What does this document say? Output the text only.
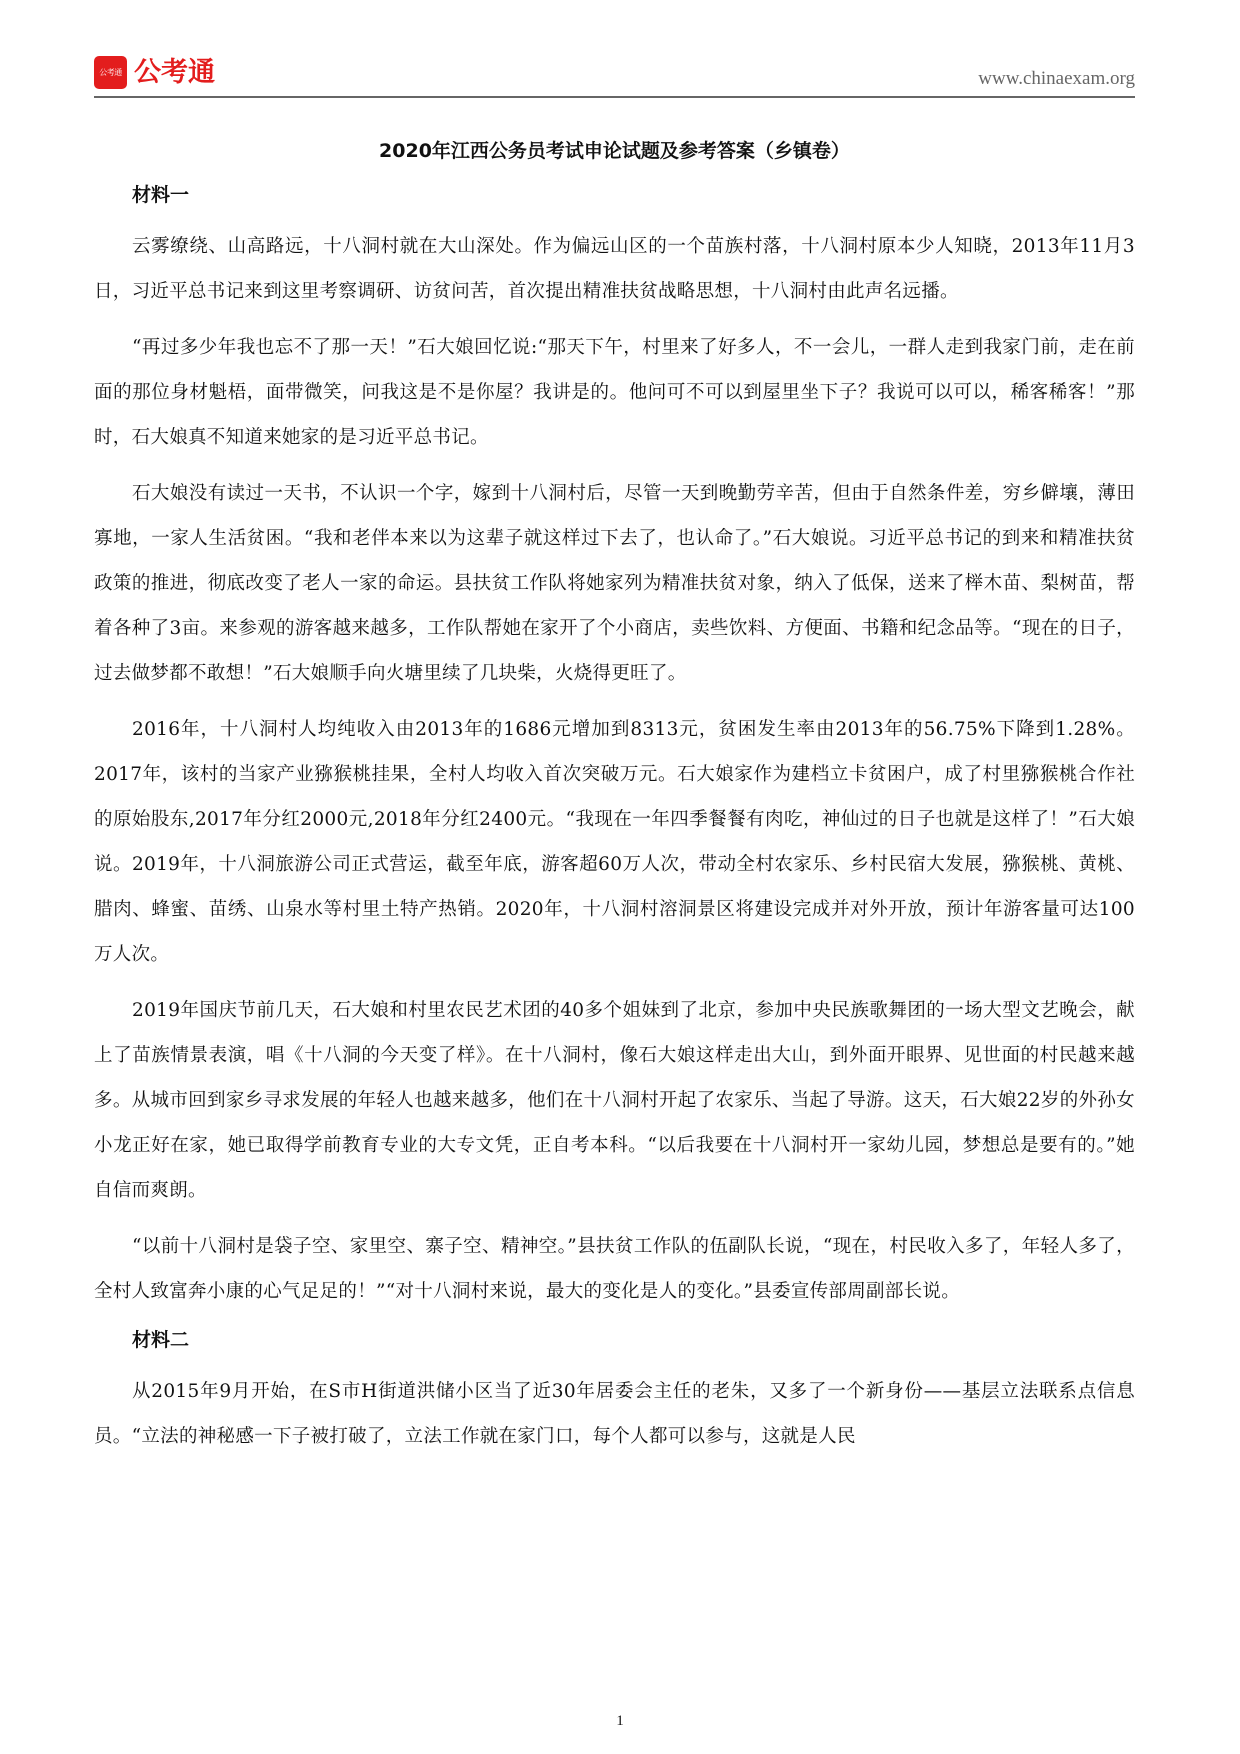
公考通 公考通	www.chinaexam.org
2020年江西公务员考试申论试题及参考答案（乡镇卷）
材料一

云雾缭绕、山高路远，十八洞村就在大山深处。作为偏远山区的一个苗族村落，十八洞村原本少人知晓，2013年11月3日，习近平总书记来到这里考察调研、访贫问苦，首次提出精准扶贫战略思想，十八洞村由此声名远播。

“再过多少年我也忘不了那一天！”石大娘回忆说:“那天下午，村里来了好多人，不一会儿，一群人走到我家门前，走在前面的那位身材魁梧，面带微笑，问我这是不是你屋？我讲是的。他问可不可以到屋里坐下子？我说可以可以，稀客稀客！”那时，石大娘真不知道来她家的是习近平总书记。

石大娘没有读过一天书，不认识一个字，嫁到十八洞村后，尽管一天到晚勤劳辛苦，但由于自然条件差，穷乡僻壤，薄田寡地，一家人生活贫困。“我和老伴本来以为这辈子就这样过下去了，也认命了。”石大娘说。习近平总书记的到来和精准扶贫政策的推进，彻底改变了老人一家的命运。县扶贫工作队将她家列为精准扶贫对象，纳入了低保，送来了榉木苗、梨树苗，帮着各种了3亩。来参观的游客越来越多，工作队帮她在家开了个小商店，卖些饮料、方便面、书籍和纪念品等。“现在的日子，过去做梦都不敢想！”石大娘顺手向火塘里续了几块柴，火烧得更旺了。

2016年，十八洞村人均纯收入由2013年的1686元增加到8313元，贫困发生率由2013年的56.75%下降到1.28%。2017年，该村的当家产业猕猴桃挂果，全村人均收入首次突破万元。石大娘家作为建档立卡贫困户，成了村里猕猴桃合作社的原始股东,2017年分红2000元,2018年分红2400元。“我现在一年四季餐餐有肉吃，神仙过的日子也就是这样了！”石大娘说。2019年，十八洞旅游公司正式营运，截至年底，游客超60万人次，带动全村农家乐、乡村民宿大发展，猕猴桃、黄桃、腊肉、蜂蜜、苗绣、山泉水等村里土特产热销。2020年，十八洞村溶洞景区将建设完成并对外开放，预计年游客量可达100万人次。

2019年国庆节前几天，石大娘和村里农民艺术团的40多个姐妹到了北京，参加中央民族歌舞团的一场大型文艺晚会，献上了苗族情景表演，唱《十八洞的今天变了样》。在十八洞村，像石大娘这样走出大山，到外面开眼界、见世面的村民越来越多。从城市回到家乡寻求发展的年轻人也越来越多，他们在十八洞村开起了农家乐、当起了导游。这天，石大娘22岁的外孙女小龙正好在家，她已取得学前教育专业的大专文凭，正自考本科。“以后我要在十八洞村开一家幼儿园，梦想总是要有的。”她自信而爽朗。

“以前十八洞村是袋子空、家里空、寨子空、精神空。”县扶贫工作队的伍副队长说，“现在，村民收入多了，年轻人多了，全村人致富奔小康的心气足足的！”“对十八洞村来说，最大的变化是人的变化。”县委宣传部周副部长说。

材料二

从2015年9月开始，在S市H街道洪储小区当了近30年居委会主任的老朱，又多了一个新身份——基层立法联系点信息员。“立法的神秘感一下子被打破了，立法工作就在家门口，每个人都可以参与，这就是人民

1
